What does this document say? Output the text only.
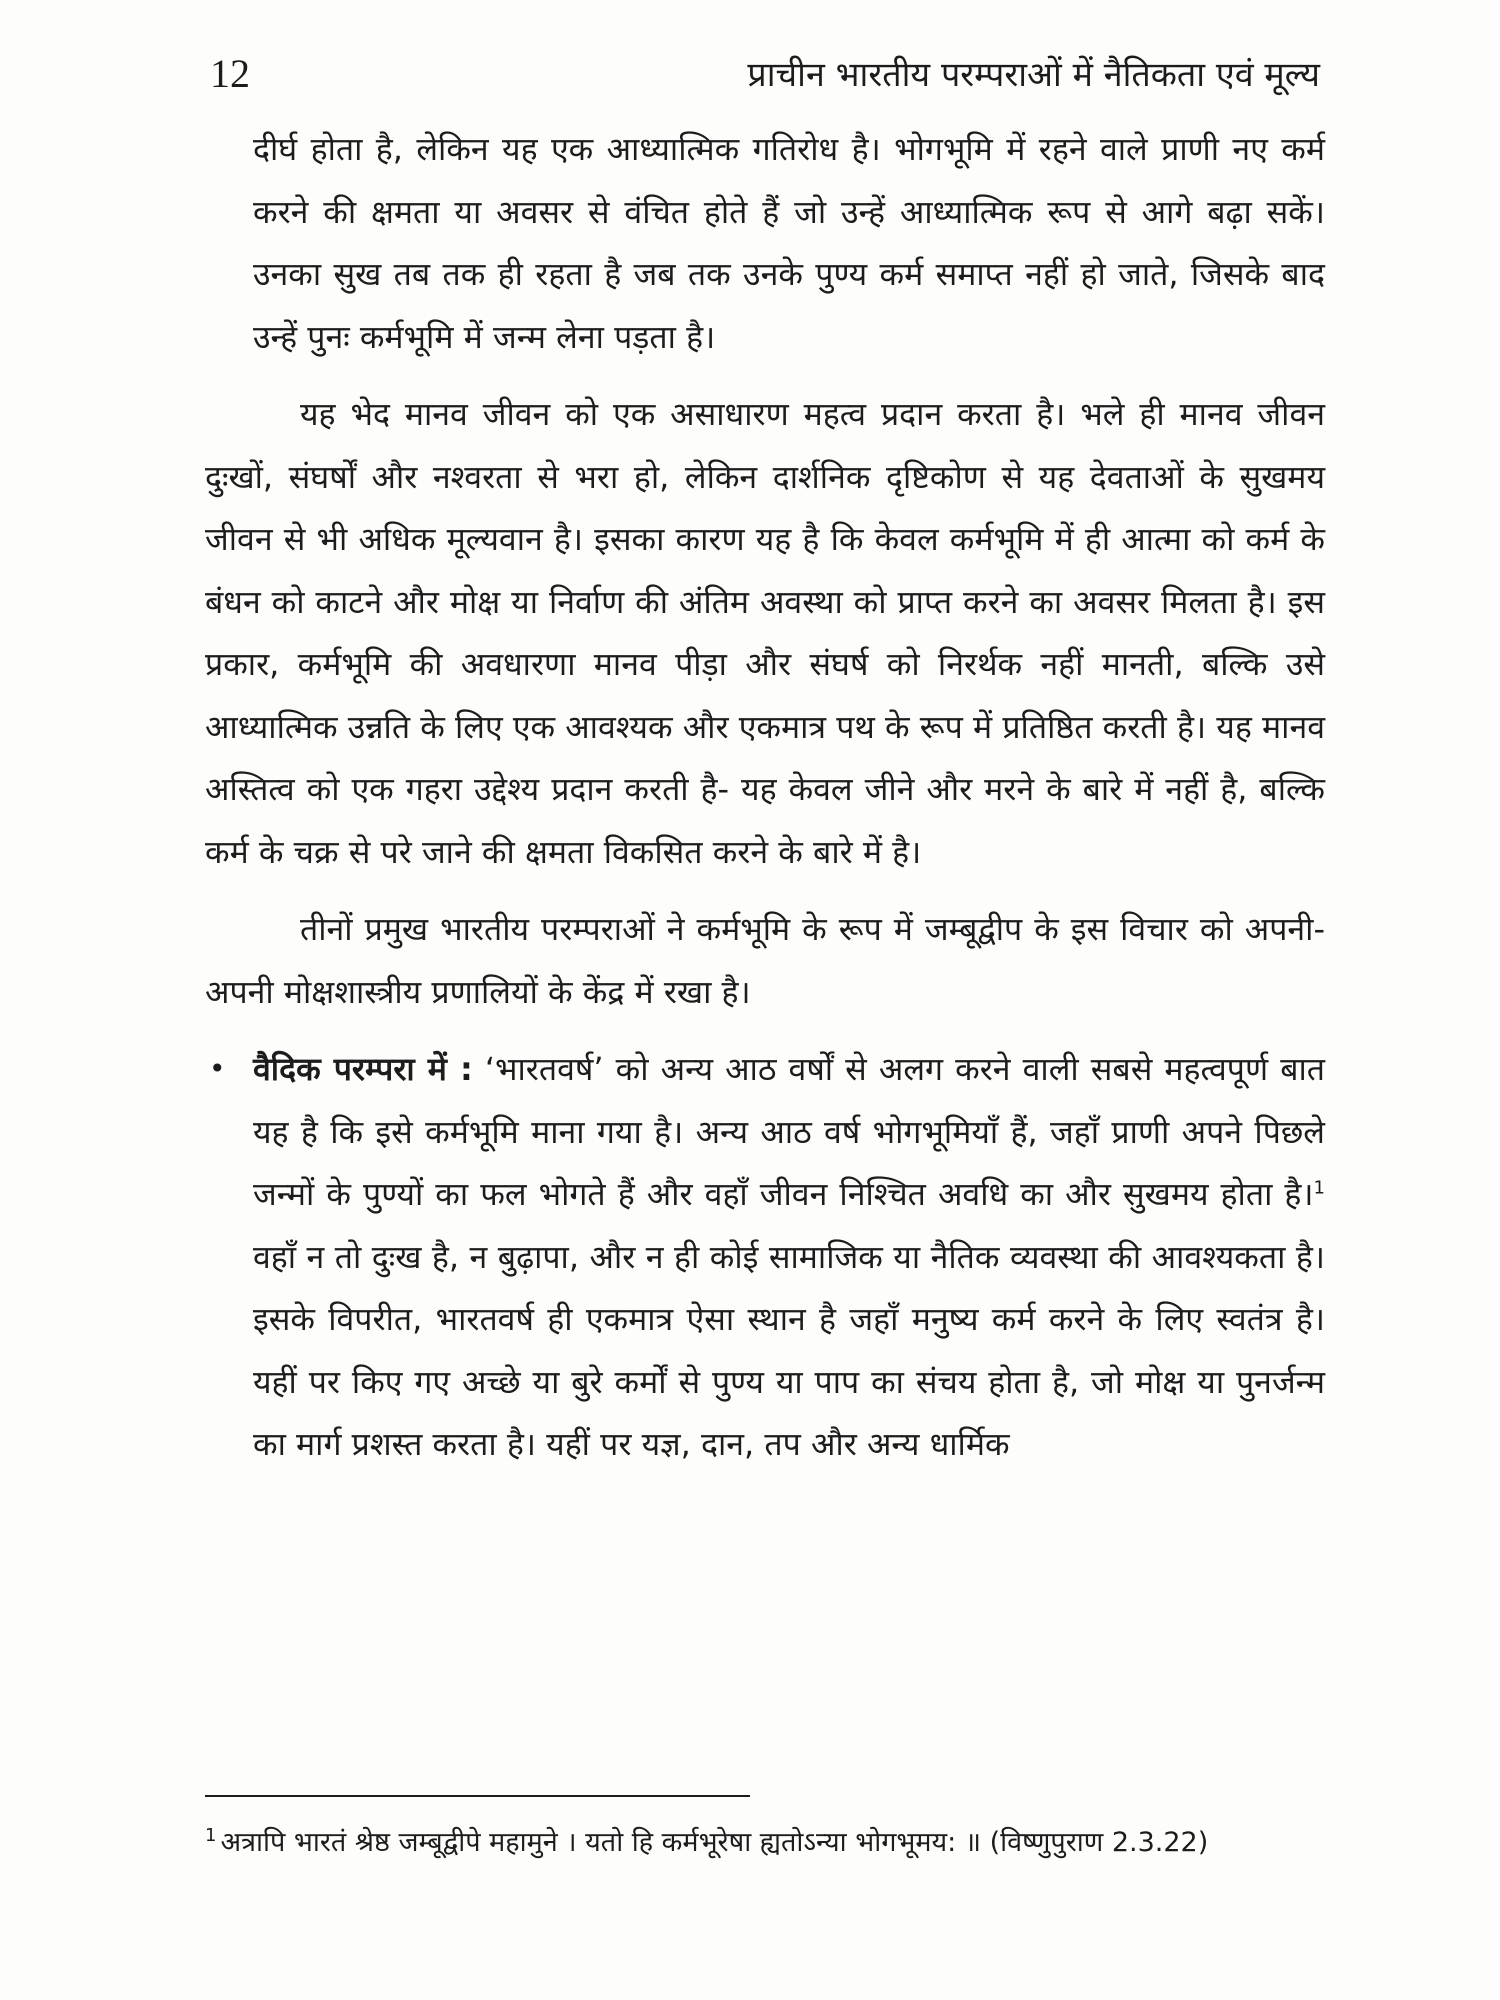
12	प्राचीन भारतीय परम्पराओं में नैतिकता एवं मूल्य

दीर्घ होता है, लेकिन यह एक आध्यात्मिक गतिरोध है। भोगभूमि में रहने वाले प्राणी नए कर्म करने की क्षमता या अवसर से वंचित होते हैं जो उन्हें आध्यात्मिक रूप से आगे बढ़ा सकें। उनका सुख तब तक ही रहता है जब तक उनके पुण्य कर्म समाप्त नहीं हो जाते, जिसके बाद उन्हें पुनः कर्मभूमि में जन्म लेना पड़ता है।

यह भेद मानव जीवन को एक असाधारण महत्व प्रदान करता है। भले ही मानव जीवन दुःखों, संघर्षों और नश्वरता से भरा हो, लेकिन दार्शनिक दृष्टिकोण से यह देवताओं के सुखमय जीवन से भी अधिक मूल्यवान है। इसका कारण यह है कि केवल कर्मभूमि में ही आत्मा को कर्म के बंधन को काटने और मोक्ष या निर्वाण की अंतिम अवस्था को प्राप्त करने का अवसर मिलता है। इस प्रकार, कर्मभूमि की अवधारणा मानव पीड़ा और संघर्ष को निरर्थक नहीं मानती, बल्कि उसे आध्यात्मिक उन्नति के लिए एक आवश्यक और एकमात्र पथ के रूप में प्रतिष्ठित करती है। यह मानव अस्तित्व को एक गहरा उद्देश्य प्रदान करती है- यह केवल जीने और मरने के बारे में नहीं है, बल्कि कर्म के चक्र से परे जाने की क्षमता विकसित करने के बारे में है।

तीनों प्रमुख भारतीय परम्पराओं ने कर्मभूमि के रूप में जम्बूद्वीप के इस विचार को अपनी-अपनी मोक्षशास्त्रीय प्रणालियों के केंद्र में रखा है।

• वैदिक परम्परा में : ‘भारतवर्ष’ को अन्य आठ वर्षों से अलग करने वाली सबसे महत्वपूर्ण बात यह है कि इसे कर्मभूमि माना गया है। अन्य आठ वर्ष भोगभूमियाँ हैं, जहाँ प्राणी अपने पिछले जन्मों के पुण्यों का फल भोगते हैं और वहाँ जीवन निश्चित अवधि का और सुखमय होता है।$^1$ वहाँ न तो दुःख है, न बुढ़ापा, और न ही कोई सामाजिक या नैतिक व्यवस्था की आवश्यकता है। इसके विपरीत, भारतवर्ष ही एकमात्र ऐसा स्थान है जहाँ मनुष्य कर्म करने के लिए स्वतंत्र है। यहीं पर किए गए अच्छे या बुरे कर्मों से पुण्य या पाप का संचय होता है, जो मोक्ष या पुनर्जन्म का मार्ग प्रशस्त करता है। यहीं पर यज्ञ, दान, तप और अन्य धार्मिक

$^1$ अत्रापि भारतं श्रेष्ठ जम्बूद्वीपे महामुने । यतो हि कर्मभूरेषा ह्यतोऽन्या भोगभूमय: ॥ (विष्णुपुराण 2.3.22)
